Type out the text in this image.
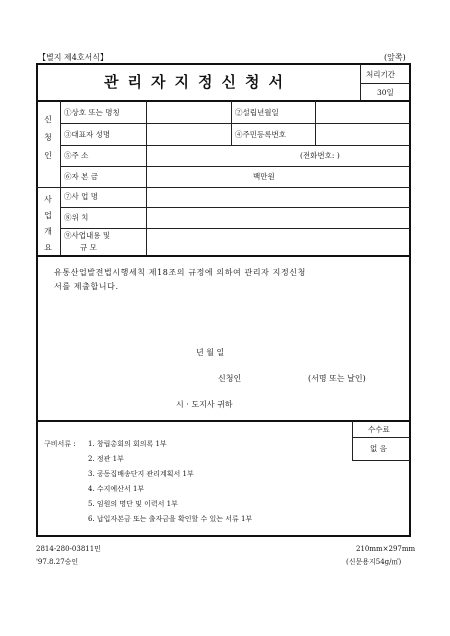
【별지 제4호서식】	(앞쪽)
관리자지정신청서	처리기간
30일
신
청
인
①상호 또는 명칭	②설립년월일
③대표자 성명	④주민등록번호
⑤주 소	(전화번호: )
⑥자 본 금	백만원
사
업
개
요
⑦사 업 명
⑧위 치
⑨사업내용 및
규 모
유통산업발전법시행세칙 제18조의 규정에 의하여 관리자 지정신청
서를 제출합니다.
년 월 일
신청인	(서명 또는 날인)
시 · 도지사 귀하
수수료
없 음
구비서류 : 1. 창립총회의 회의록 1부
2. 정관 1부
3. 공동집배송단지 관리계획서 1부
4. 수지예산서 1부
5. 임원의 명단 및 이력서 1부
6. 납입자본금 또는 출자금을 확인할 수 있는 서류 1부
2814-280-03811민
'97.8.27승인
210mm×297mm
(신문용지54g/㎡)
